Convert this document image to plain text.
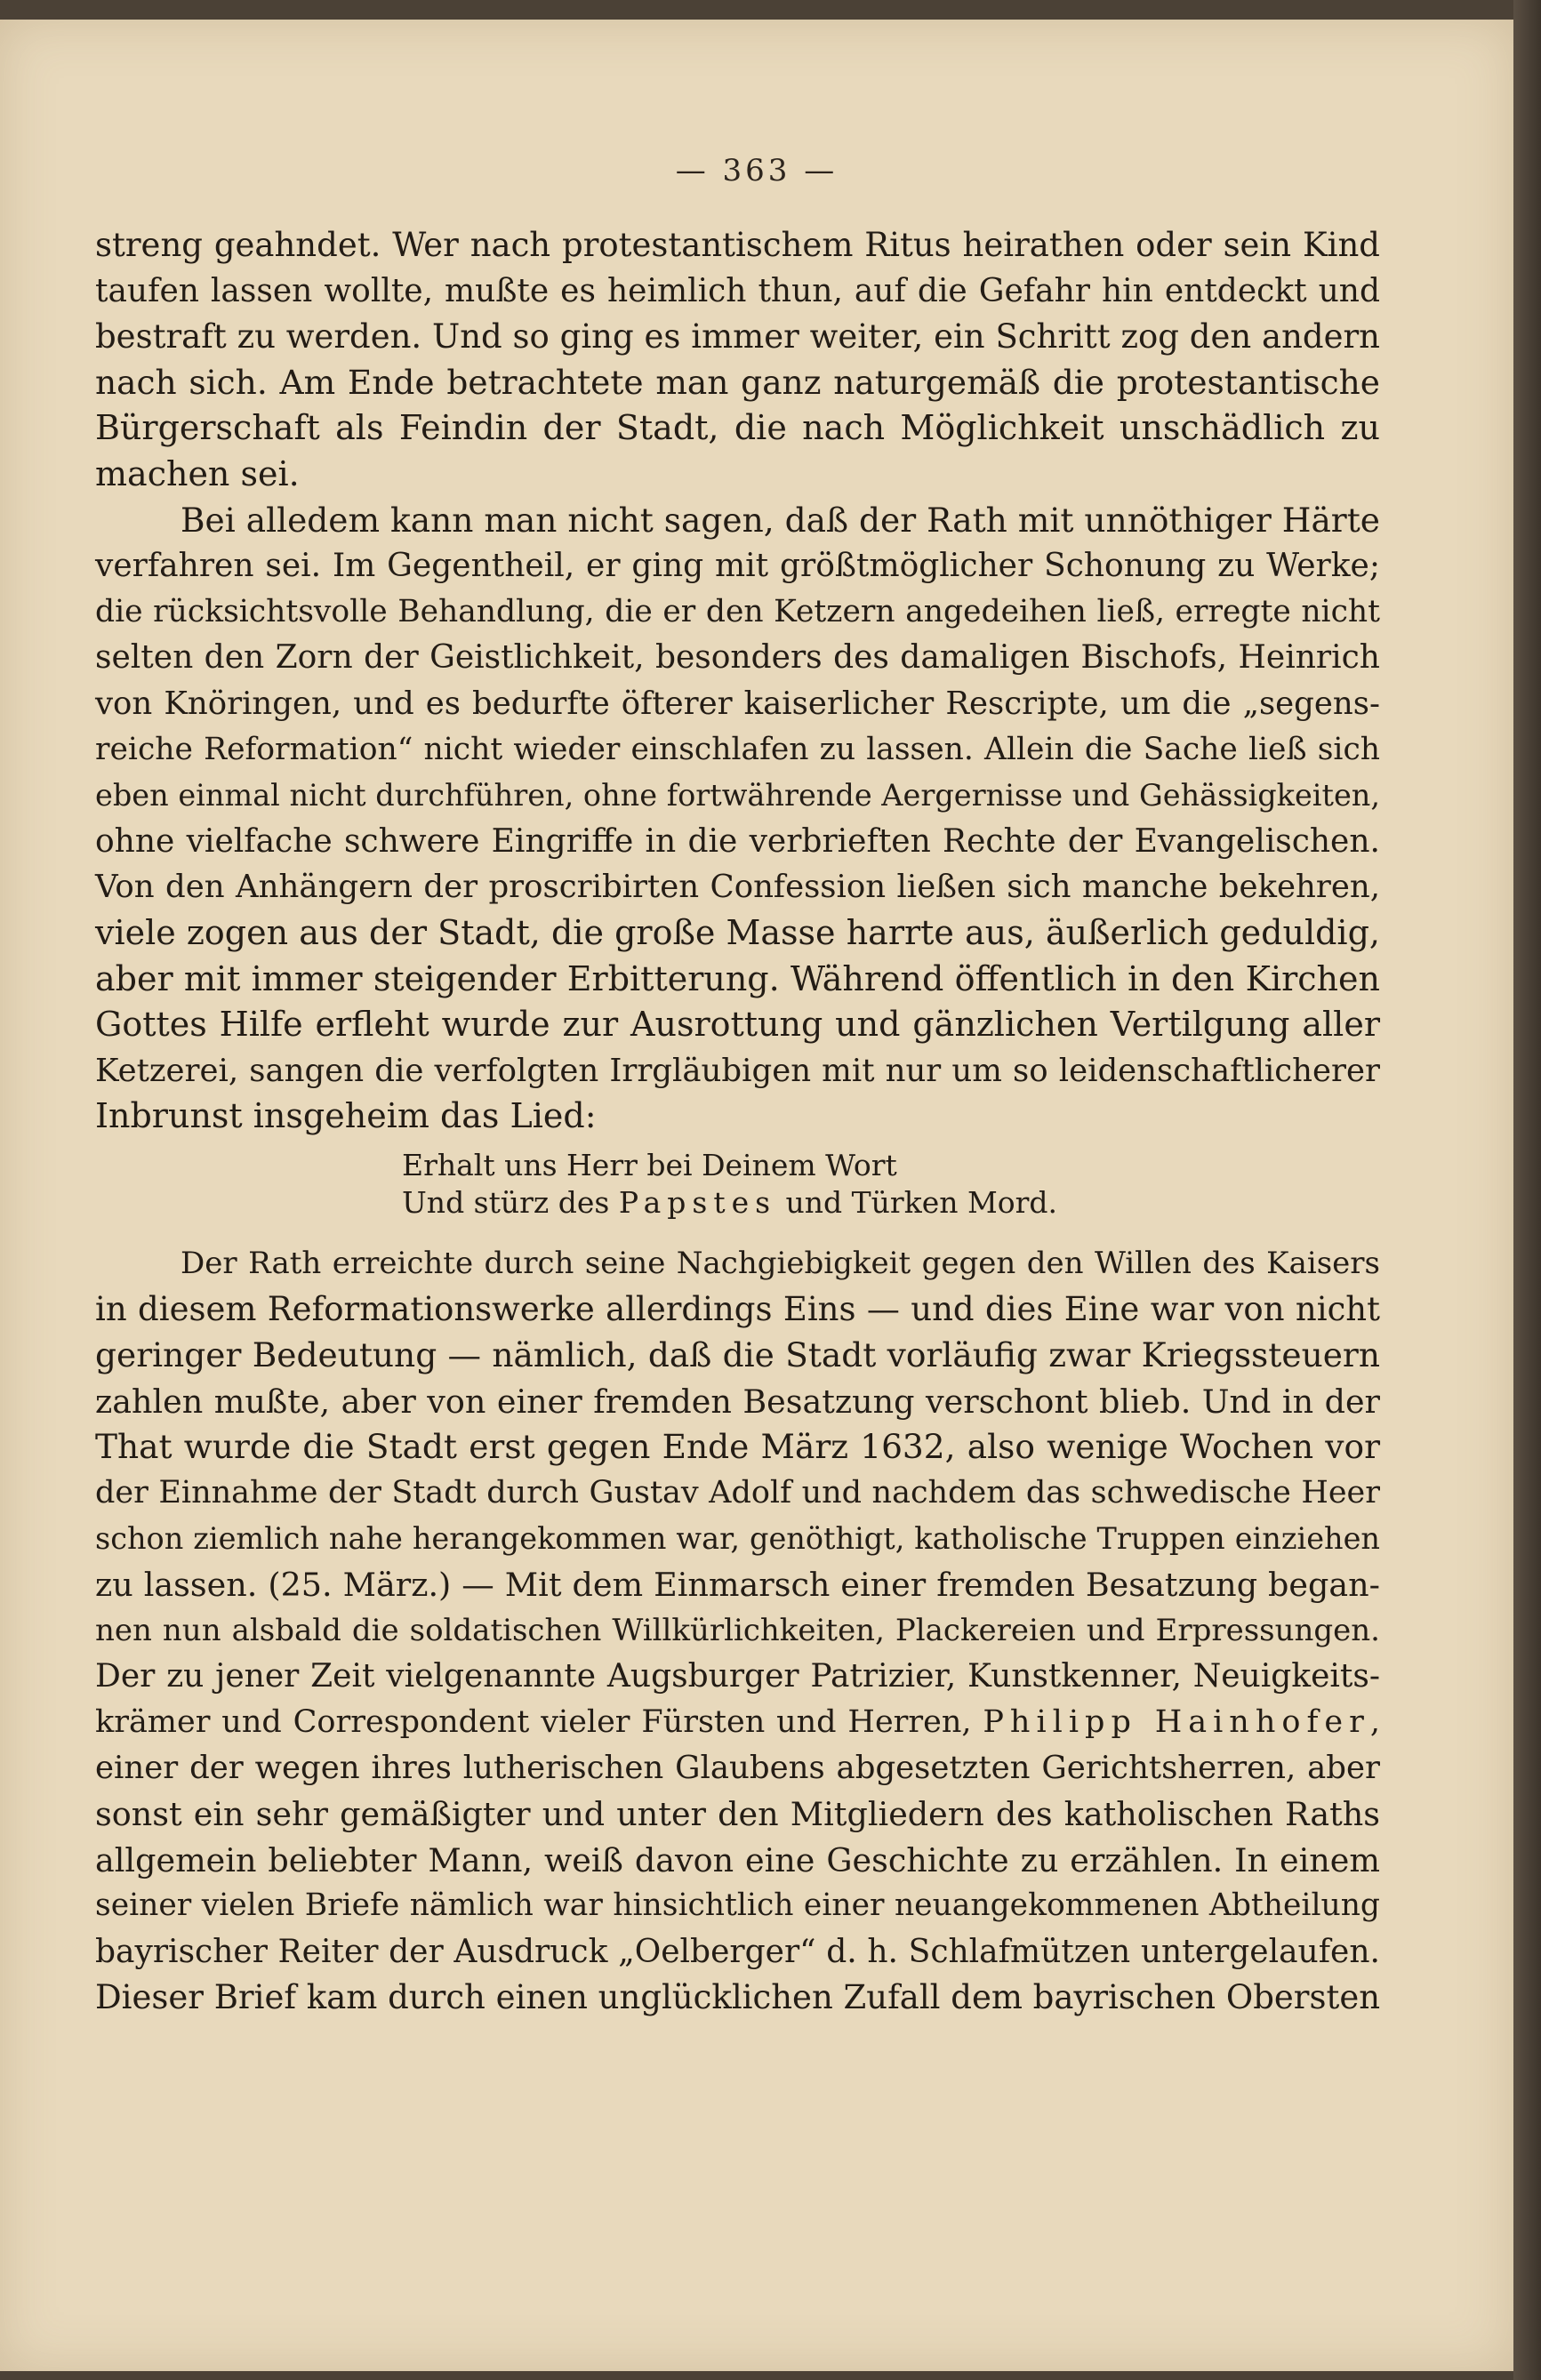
— 363 —
streng geahndet. Wer nach protestantischem Ritus heirathen oder sein Kind
taufen lassen wollte, mußte es heimlich thun, auf die Gefahr hin entdeckt und
bestraft zu werden. Und so ging es immer weiter, ein Schritt zog den andern
nach sich. Am Ende betrachtete man ganz naturgemäß die protestantische
Bürgerschaft als Feindin der Stadt, die nach Möglichkeit unschädlich zu
machen sei.
Bei alledem kann man nicht sagen, daß der Rath mit unnöthiger Härte
verfahren sei. Im Gegentheil, er ging mit größtmöglicher Schonung zu Werke;
die rücksichtsvolle Behandlung, die er den Ketzern angedeihen ließ, erregte nicht
selten den Zorn der Geistlichkeit, besonders des damaligen Bischofs, Heinrich
von Knöringen, und es bedurfte öfterer kaiserlicher Rescripte, um die „segens-
reiche Reformation“ nicht wieder einschlafen zu lassen. Allein die Sache ließ sich
eben einmal nicht durchführen, ohne fortwährende Aergernisse und Gehässigkeiten,
ohne vielfache schwere Eingriffe in die verbrieften Rechte der Evangelischen.
Von den Anhängern der proscribirten Confession ließen sich manche bekehren,
viele zogen aus der Stadt, die große Masse harrte aus, äußerlich geduldig,
aber mit immer steigender Erbitterung. Während öffentlich in den Kirchen
Gottes Hilfe erfleht wurde zur Ausrottung und gänzlichen Vertilgung aller
Ketzerei, sangen die verfolgten Irrgläubigen mit nur um so leidenschaftlicherer
Inbrunst insgeheim das Lied:
Erhalt uns Herr bei Deinem Wort
Und stürz des Papstes und Türken Mord.
Der Rath erreichte durch seine Nachgiebigkeit gegen den Willen des Kaisers
in diesem Reformationswerke allerdings Eins — und dies Eine war von nicht
geringer Bedeutung — nämlich, daß die Stadt vorläufig zwar Kriegssteuern
zahlen mußte, aber von einer fremden Besatzung verschont blieb. Und in der
That wurde die Stadt erst gegen Ende März 1632, also wenige Wochen vor
der Einnahme der Stadt durch Gustav Adolf und nachdem das schwedische Heer
schon ziemlich nahe herangekommen war, genöthigt, katholische Truppen einziehen
zu lassen. (25. März.) — Mit dem Einmarsch einer fremden Besatzung began-
nen nun alsbald die soldatischen Willkürlichkeiten, Plackereien und Erpressungen.
Der zu jener Zeit vielgenannte Augsburger Patrizier, Kunstkenner, Neuigkeits-
krämer und Correspondent vieler Fürsten und Herren, Philipp Hainhofer,
einer der wegen ihres lutherischen Glaubens abgesetzten Gerichtsherren, aber
sonst ein sehr gemäßigter und unter den Mitgliedern des katholischen Raths
allgemein beliebter Mann, weiß davon eine Geschichte zu erzählen. In einem
seiner vielen Briefe nämlich war hinsichtlich einer neuangekommenen Abtheilung
bayrischer Reiter der Ausdruck „Oelberger“ d. h. Schlafmützen untergelaufen.
Dieser Brief kam durch einen unglücklichen Zufall dem bayrischen Obersten
